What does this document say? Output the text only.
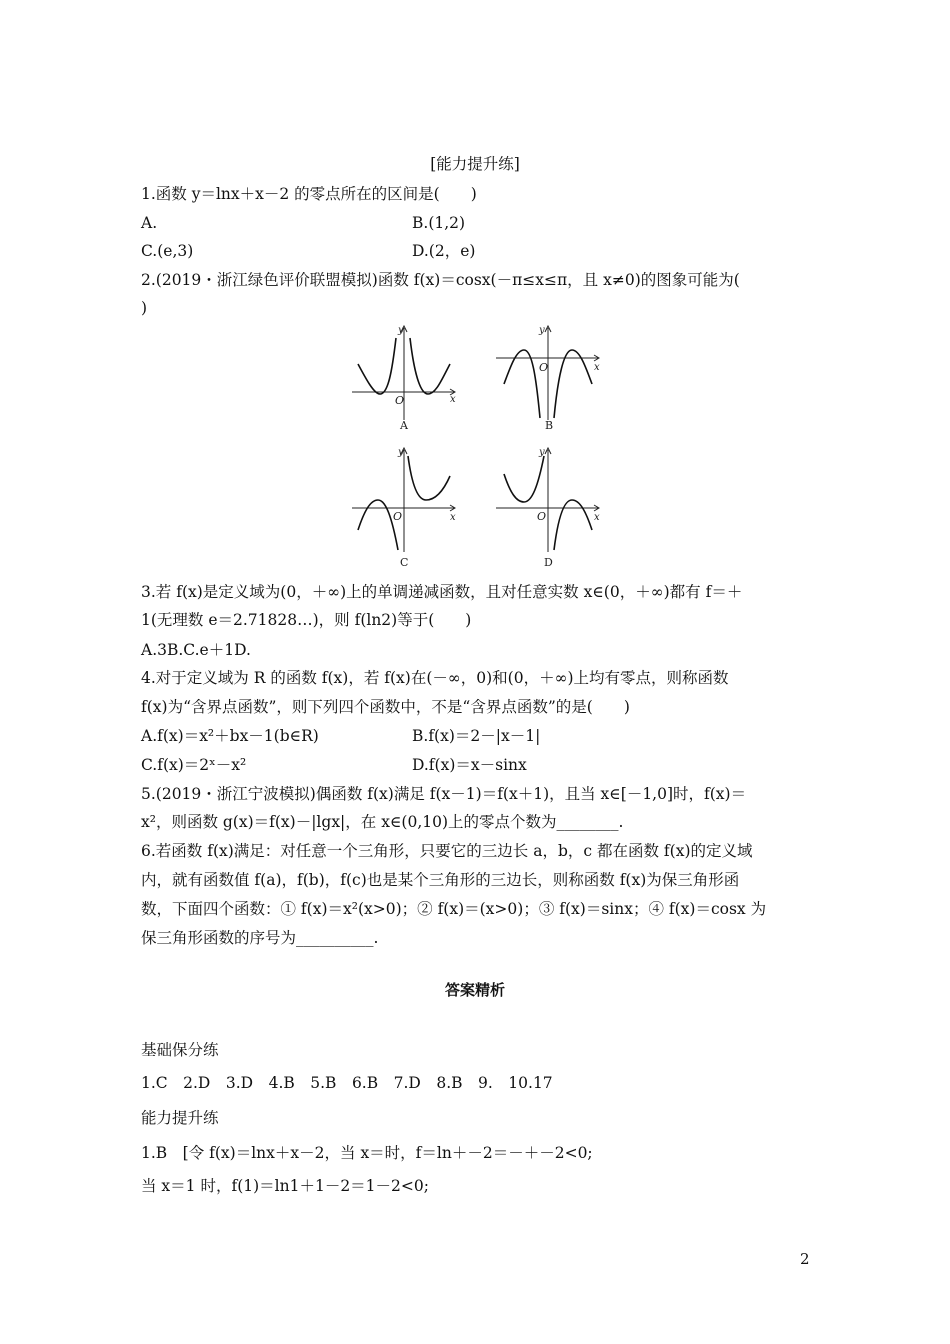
[能力提升练]
1.函数 y＝lnx＋x－2 的零点所在的区间是(　　)
A.	B.(1,2)
C.(e,3)	D.(2，e)
2.(2019・浙江绿色评价联盟模拟)函数 f(x)＝cosx(－π≤x≤π，且 x≠0)的图象可能为(
)
y
x
O
A
y
x
O
B
y
x
O
C
y
x
O
D
3.若 f(x)是定义域为(0，＋∞)上的单调递减函数，且对任意实数 x∈(0，＋∞)都有 f＝＋
1(无理数 e＝2.71828…)，则 f(ln2)等于(　　)
A.3B.C.e＋1D.
4.对于定义域为 R 的函数 f(x)，若 f(x)在(－∞，0)和(0，＋∞)上均有零点，则称函数
f(x)为“含界点函数”，则下列四个函数中，不是“含界点函数”的是(　　)
A.f(x)＝x²＋bx－1(b∈R)	B.f(x)＝2－|x－1|
C.f(x)＝2ˣ－x²	D.f(x)＝x－sinx
5.(2019・浙江宁波模拟)偶函数 f(x)满足 f(x－1)＝f(x＋1)，且当 x∈[－1,0]时，f(x)＝
x²，则函数 g(x)＝f(x)－|lgx|，在 x∈(0,10)上的零点个数为________.
6.若函数 f(x)满足：对任意一个三角形，只要它的三边长 a，b，c 都在函数 f(x)的定义域
内，就有函数值 f(a)，f(b)，f(c)也是某个三角形的三边长，则称函数 f(x)为保三角形函
数，下面四个函数：① f(x)＝x²(x>0)；② f(x)＝(x>0)；③ f(x)＝sinx；④ f(x)＝cosx 为
保三角形函数的序号为__________.
答案精析
基础保分练
1.C　2.D　3.D　4.B　5.B　6.B　7.D　8.B　9.　10.17
能力提升练
1.B　[令 f(x)＝lnx＋x－2，当 x＝时，f＝ln＋－2＝－＋－2<0;
当 x＝1 时，f(1)＝ln1＋1－2＝1－2<0;
2
